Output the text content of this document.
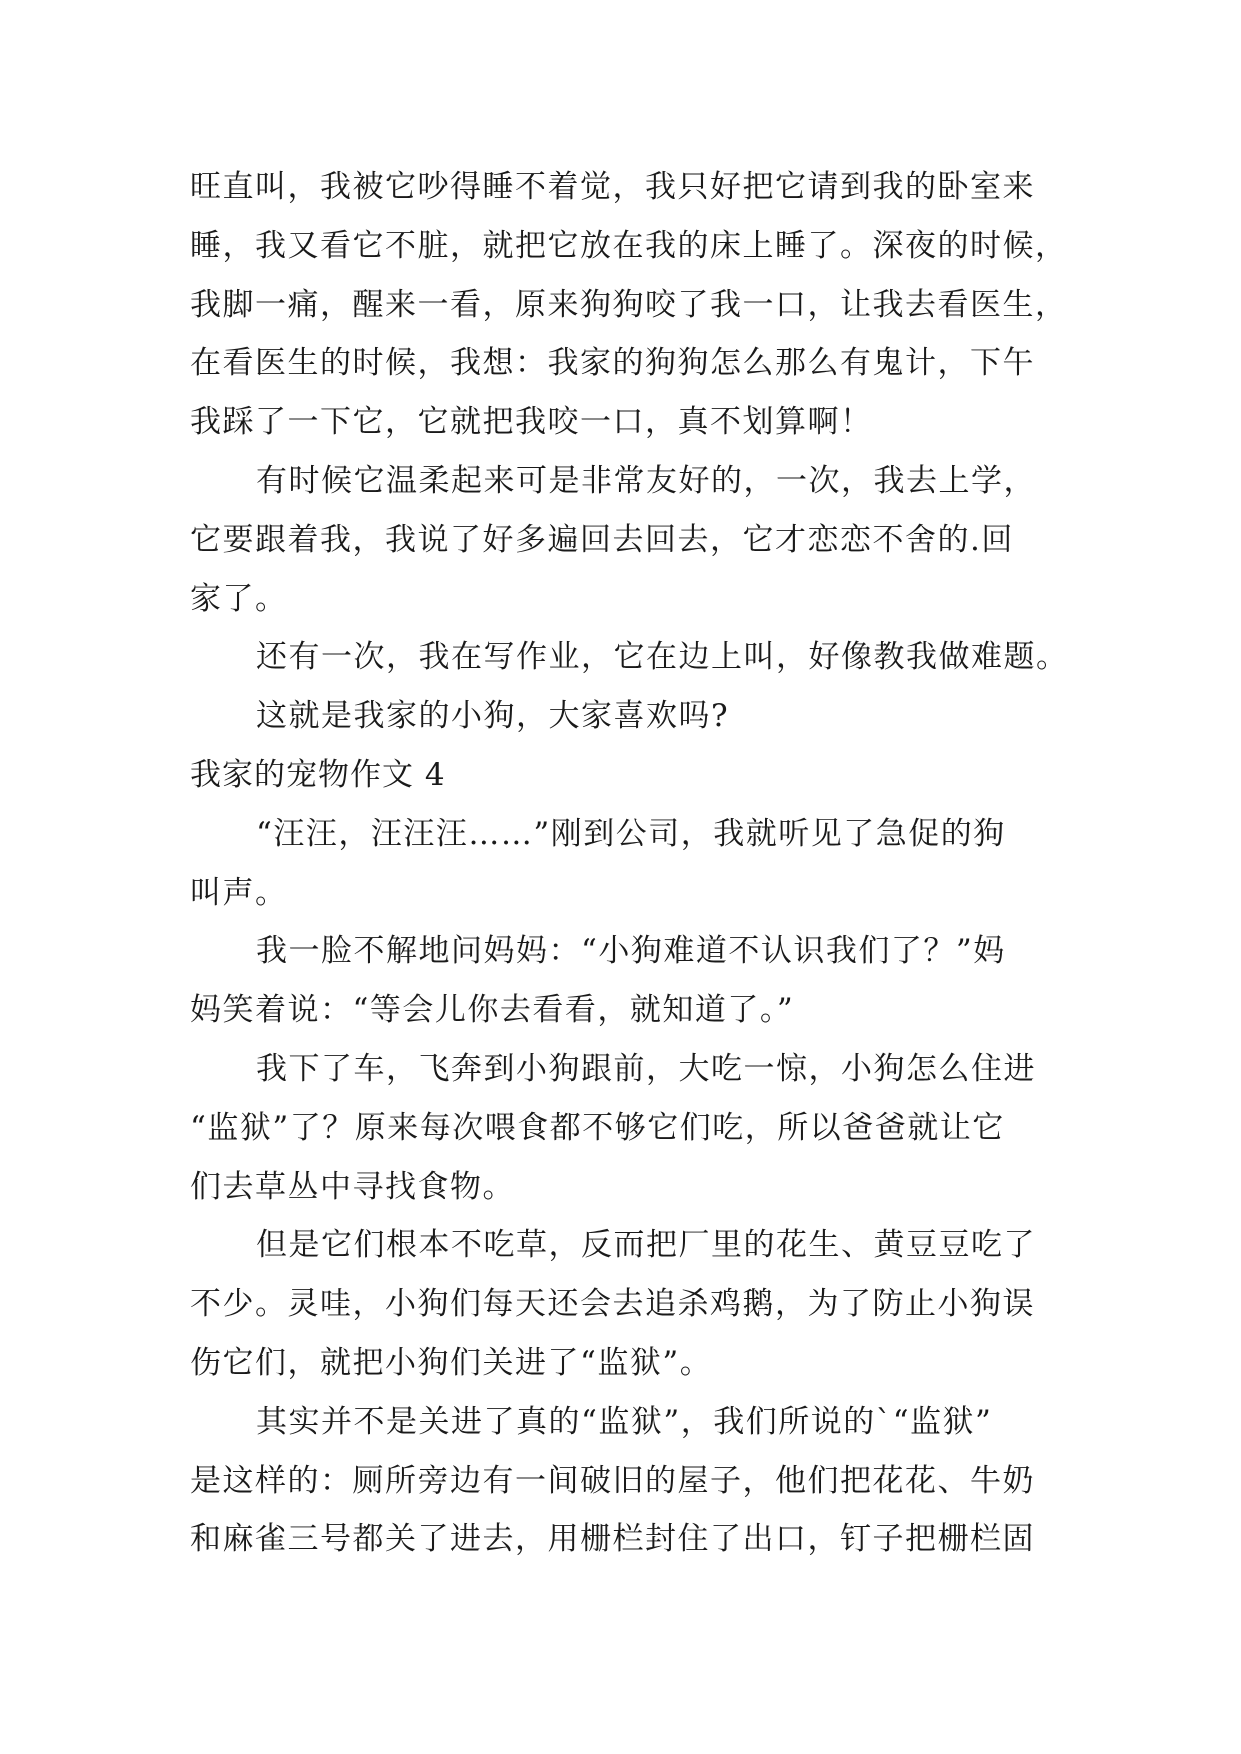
旺直叫，我被它吵得睡不着觉，我只好把它请到我的卧室来
睡，我又看它不脏，就把它放在我的床上睡了。深夜的时候，
我脚一痛，醒来一看，原来狗狗咬了我一口，让我去看医生，
在看医生的时候，我想：我家的狗狗怎么那么有鬼计，下午
我踩了一下它，它就把我咬一口，真不划算啊！
有时候它温柔起来可是非常友好的，一次，我去上学，
它要跟着我，我说了好多遍回去回去，它才恋恋不舍的.回
家了。
还有一次，我在写作业，它在边上叫，好像教我做难题。
这就是我家的小狗，大家喜欢吗?
我家的宠物作文 4
“汪汪，汪汪汪……”刚到公司，我就听见了急促的狗
叫声。
我一脸不解地问妈妈：“小狗难道不认识我们了？”妈
妈笑着说：“等会儿你去看看，就知道了。”
我下了车，飞奔到小狗跟前，大吃一惊，小狗怎么住进
“监狱”了？原来每次喂食都不够它们吃，所以爸爸就让它
们去草丛中寻找食物。
但是它们根本不吃草，反而把厂里的花生、黄豆豆吃了
不少。灵哇，小狗们每天还会去追杀鸡鹅，为了防止小狗误
伤它们，就把小狗们关进了“监狱”。
其实并不是关进了真的“监狱”，我们所说的`“监狱”
是这样的：厕所旁边有一间破旧的屋子，他们把花花、牛奶
和麻雀三号都关了进去，用栅栏封住了出口，钉子把栅栏固
